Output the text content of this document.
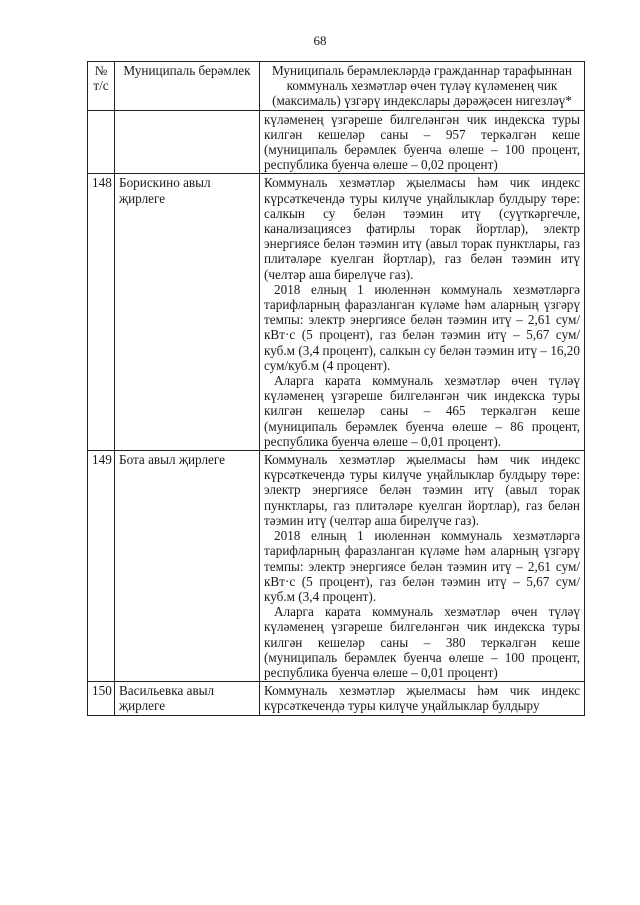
68
№ т/с	Муниципаль берәмлек	Муниципаль берәмлекләрдә гражданнар тарафыннан коммуналь хезмәтләр өчен түләү күләменең чик (максималь) үзгәрү индекслары дәрәҗәсен нигезләү*
		күләменең үзгәреше билгеләнгән чик индекска туры килгән кешеләр саны – 957 теркәлгән кеше (муниципаль берәмлек буенча өлеше – 100 процент, республика буенча өлеше – 0,02 процент)
148	Борискино авыл җирлеге	Коммуналь хезмәтләр җыелмасы һәм чик индекс күрсәткечендә туры килүче уңайлыклар булдыру төре: салкын су белән тәэмин итү (суүткәргечле, канализациясез фатирлы торак йортлар), электр энергиясе белән тәэмин итү (авыл торак пунктлары, газ плитәләре куелган йортлар), газ белән тәэмин итү (челтәр аша бирелүче газ).
2018 елның 1 июленнән коммуналь хезмәтләргә тарифларның фаразланган күләме һәм аларның үзгәрү темпы: электр энергиясе белән тәэмин итү – 2,61 сум/кВт·с (5 процент), газ белән тәэмин итү – 5,67 сум/куб.м (3,4 процент), салкын су белән тәэмин итү – 16,20 сум/куб.м (4 процент).
Аларга карата коммуналь хезмәтләр өчен түләү күләменең үзгәреше билгеләнгән чик индекска туры килгән кешеләр саны – 465 теркәлгән кеше (муниципаль берәмлек буенча өлеше – 86 процент, республика буенча өлеше – 0,01 процент).

149	Бота авыл җирлеге	Коммуналь хезмәтләр җыелмасы һәм чик индекс күрсәткечендә туры килүче уңайлыклар булдыру төре: электр энергиясе белән тәэмин итү (авыл торак пунктлары, газ плитәләре куелган йортлар), газ белән тәэмин итү (челтәр аша бирелүче газ).
2018 елның 1 июленнән коммуналь хезмәтләргә тарифларның фаразланган күләме һәм аларның үзгәрү темпы: электр энергиясе белән тәэмин итү – 2,61 сум/кВт·с (5 процент), газ белән тәэмин итү – 5,67 сум/куб.м (3,4 процент).
Аларга карата коммуналь хезмәтләр өчен түләү күләменең үзгәреше билгеләнгән чик индекска туры килгән кешеләр саны – 380 теркәлгән кеше (муниципаль берәмлек буенча өлеше – 100 процент, республика буенча өлеше – 0,01 процент)

150	Васильевка авыл җирлеге	Коммуналь хезмәтләр җыелмасы һәм чик индекс күрсәткечендә туры килүче уңайлыклар булдыру
